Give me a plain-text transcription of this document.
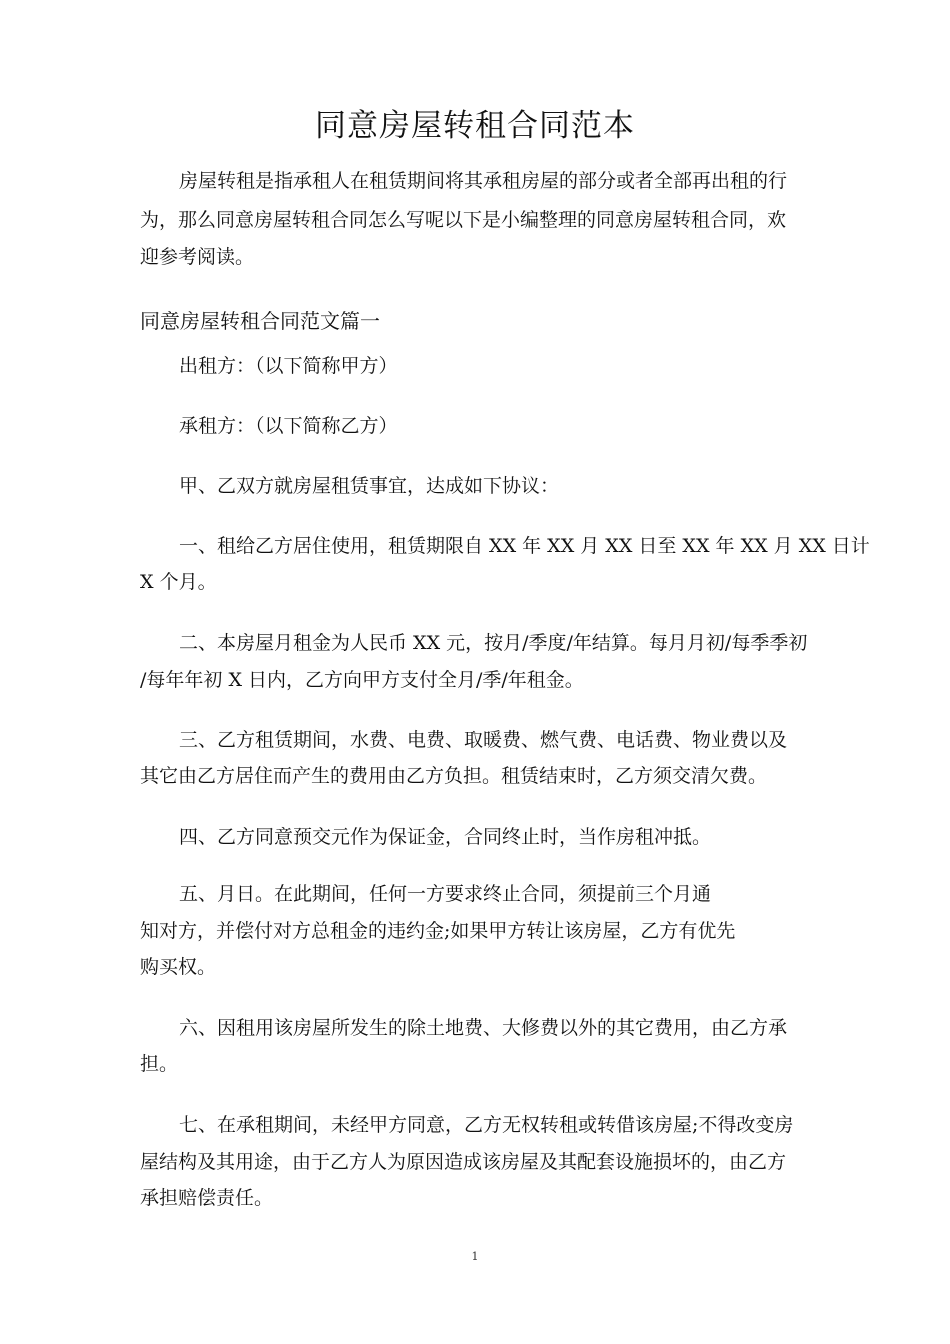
同意房屋转租合同范本

房屋转租是指承租人在租赁期间将其承租房屋的部分或者全部再出租的行

为，那么同意房屋转租合同怎么写呢以下是小编整理的同意房屋转租合同，欢

迎参考阅读。

同意房屋转租合同范文篇一

出租方：（以下简称甲方）

承租方：（以下简称乙方）

甲、乙双方就房屋租赁事宜，达成如下协议：

一、租给乙方居住使用，租赁期限自 XX 年 XX 月 XX 日至 XX 年 XX 月 XX 日计

X 个月。

二、本房屋月租金为人民币 XX 元，按月/季度/年结算。每月月初/每季季初

/每年年初 X 日内，乙方向甲方支付全月/季/年租金。

三、乙方租赁期间，水费、电费、取暖费、燃气费、电话费、物业费以及

其它由乙方居住而产生的费用由乙方负担。租赁结束时，乙方须交清欠费。

四、乙方同意预交元作为保证金，合同终止时，当作房租冲抵。

五、月日。在此期间，任何一方要求终止合同，须提前三个月通

知对方，并偿付对方总租金的违约金;如果甲方转让该房屋，乙方有优先

购买权。

六、因租用该房屋所发生的除土地费、大修费以外的其它费用，由乙方承

担。

七、在承租期间，未经甲方同意，乙方无权转租或转借该房屋;不得改变房

屋结构及其用途，由于乙方人为原因造成该房屋及其配套设施损坏的，由乙方

承担赔偿责任。

1
